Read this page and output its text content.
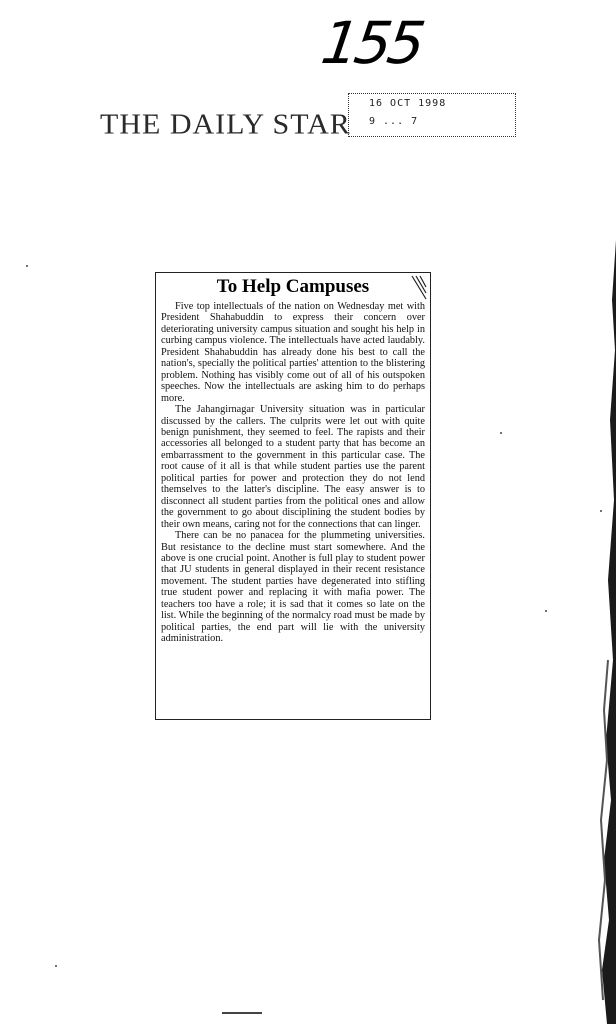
155
THE DAILY STAR
16 OCT 1998
9 ... 7
To Help Campuses

Five top intellectuals of the nation on Wednesday met with President Shahabuddin to express their concern over deteriorating university campus situation and sought his help in curbing campus violence. The intellectuals have acted laudably. President Shahabuddin has already done his best to call the nation's, specially the political parties' attention to the blistering problem. Nothing has visibly come out of all of his outspoken speeches. Now the intellectuals are asking him to do perhaps more.

The Jahangirnagar University situation was in particular discussed by the callers. The culprits were let out with quite benign punishment, they seemed to feel. The rapists and their accessories all belonged to a student party that has become an embarrassment to the government in this particular case. The root cause of it all is that while student parties use the parent political parties for power and protection they do not lend themselves to the latter's discipline. The easy answer is to disconnect all student parties from the political ones and allow the government to go about disciplining the student bodies by their own means, caring not for the connections that can linger.

There can be no panacea for the plummeting universities. But resistance to the decline must start somewhere. And the above is one crucial point. Another is full play to student power that JU students in general displayed in their recent resistance movement. The student parties have degenerated into stifling true student power and replacing it with mafia power. The teachers too have a role; it is sad that it comes so late on the list. While the beginning of the normalcy road must be made by political parties, the end part will lie with the university administration.
